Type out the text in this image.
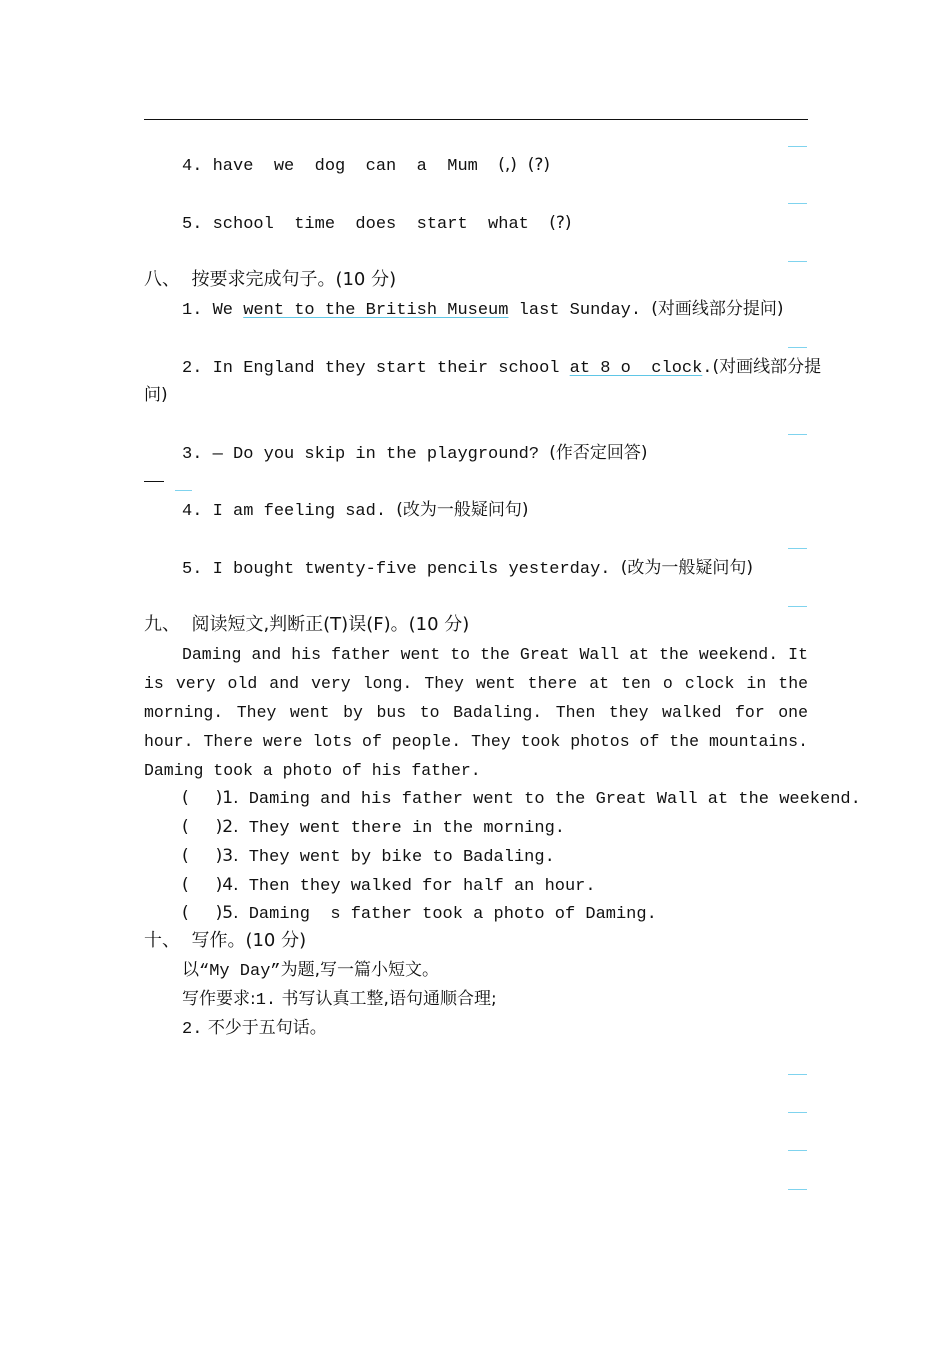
4. have  we  dog  can  a  Mum (,)  (?)
5. school  time  does  start  what (?)
八、  按要求完成句子。(10 分)
1. We went to the British Museum last Sunday. (对画线部分提问)
2. In England they start their school at 8 o  clock.(对画线部分提
问)
3. — Do you skip in the playground? (作否定回答)
4. I am feeling sad. (改为一般疑问句)
5. I bought twenty-five pencils yesterday. (改为一般疑问句)
九、  阅读短文,判断正(T)误(F)。(10 分)
Daming and his father went to the Great Wall at the weekend. It is very old and very long. They went there at ten o clock in the morning. They went by bus to Badaling. Then they walked for one hour. There were lots of people. They took photos of the mountains. Daming took a photo of his father.
(     )1. Daming and his father went to the Great Wall at the weekend.
(     )2. They went there in the morning.
(     )3. They went by bike to Badaling.
(     )4. Then they walked for half an hour.
(     )5. Daming  s father took a photo of Daming.
十、  写作。(10 分)
以“My Day”为题,写一篇小短文。
写作要求:1. 书写认真工整,语句通顺合理;
2. 不少于五句话。
